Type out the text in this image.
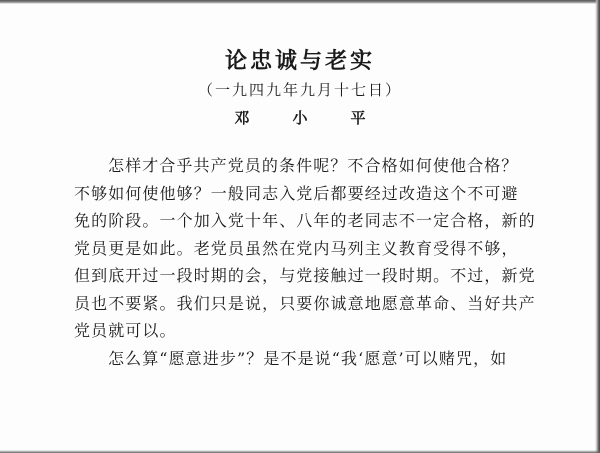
论忠诚与老实
（一九四九年九月十七日）
邓　小　平
怎样才合乎共产党员的条件呢？不合格如何使他合格？
不够如何使他够？一般同志入党后都要经过改造这个不可避
免的阶段。一个加入党十年、八年的老同志不一定合格，新的
党员更是如此。老党员虽然在党内马列主义教育受得不够，
但到底开过一段时期的会，与党接触过一段时期。不过，新党
员也不要紧。我们只是说，只要你诚意地愿意革命、当好共产
党员就可以。
怎么算“愿意进步”？是不是说“我‘愿意’可以赌咒，如
